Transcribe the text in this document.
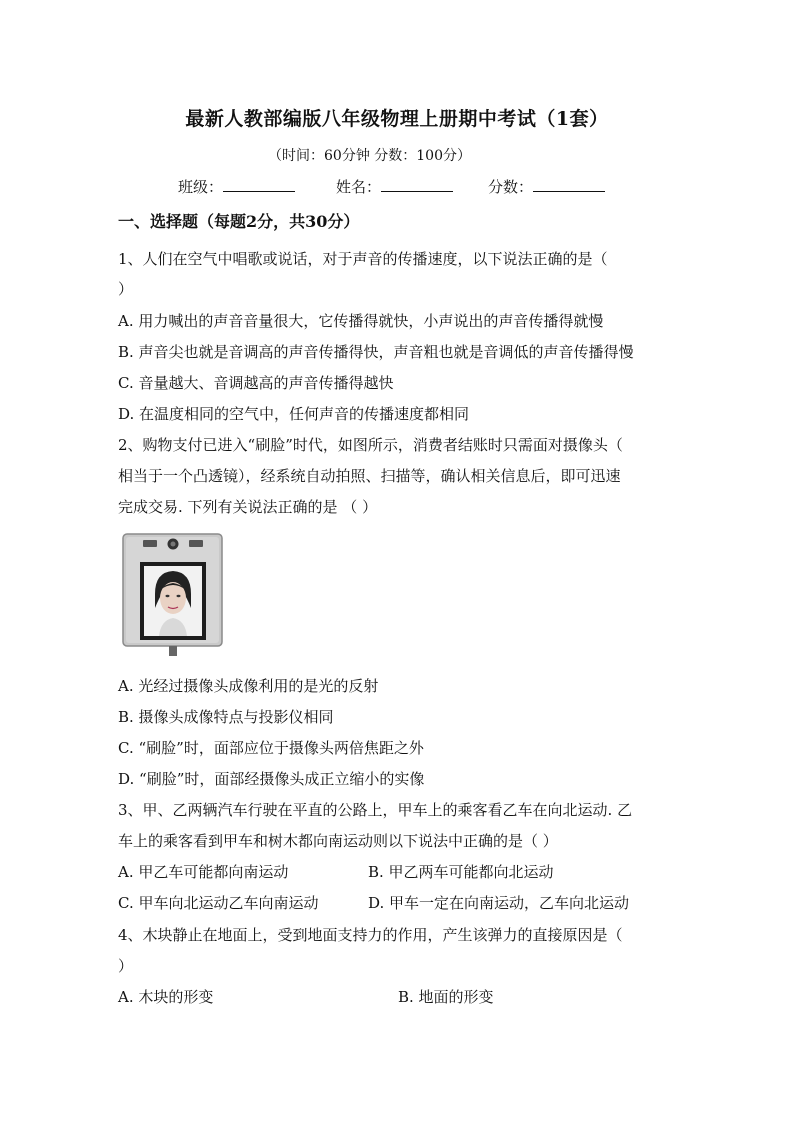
最新人教部编版八年级物理上册期中考试（1套）
（时间：60分钟 分数：100分）
班级：	姓名：	分数：
一、选择题（每题2分，共30分）
1、人们在空气中唱歌或说话，对于声音的传播速度，以下说法正确的是（
）
A. 用力喊出的声音音量很大，它传播得就快，小声说出的声音传播得就慢
B. 声音尖也就是音调高的声音传播得快，声音粗也就是音调低的声音传播得慢
C. 音量越大、音调越高的声音传播得越快
D. 在温度相同的空气中，任何声音的传播速度都相同
2、购物支付已进入“刷脸”时代，如图所示，消费者结账时只需面对摄像头（
相当于一个凸透镜），经系统自动拍照、扫描等，确认相关信息后，即可迅速
完成交易. 下列有关说法正确的是 （ ）
A. 光经过摄像头成像利用的是光的反射
B. 摄像头成像特点与投影仪相同
C. “刷脸”时，面部应位于摄像头两倍焦距之外
D. “刷脸”时，面部经摄像头成正立缩小的实像
3、甲、乙两辆汽车行驶在平直的公路上，甲车上的乘客看乙车在向北运动. 乙
车上的乘客看到甲车和树木都向南运动则以下说法中正确的是（ ）
A. 甲乙车可能都向南运动	B. 甲乙两车可能都向北运动
C. 甲车向北运动乙车向南运动	D. 甲车一定在向南运动，乙车向北运动
4、木块静止在地面上，受到地面支持力的作用，产生该弹力的直接原因是（
）
A. 木块的形变	B. 地面的形变
